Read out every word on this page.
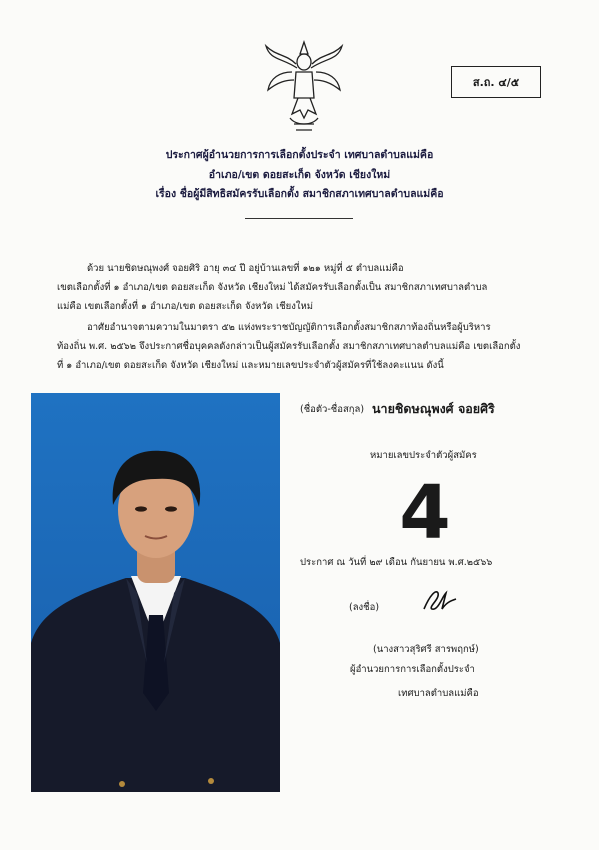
ส.ถ. ๔/๕
ประกาศผู้อำนวยการการเลือกตั้งประจำ เทศบาลตำบลแม่คือ
อำเภอ/เขต ดอยสะเก็ด จังหวัด เชียงใหม่
เรื่อง ชื่อผู้มีสิทธิสมัครรับเลือกตั้ง สมาชิกสภาเทศบาลตำบลแม่คือ
ด้วย นายชิดษณุพงศ์ จอยศิริ อายุ ๓๔ ปี อยู่บ้านเลขที่ ๑๒๑ หมู่ที่ ๕ ตำบลแม่คือ
เขตเลือกตั้งที่ ๑ อำเภอ/เขต ดอยสะเก็ด จังหวัด เชียงใหม่ ได้สมัครรับเลือกตั้งเป็น สมาชิกสภาเทศบาลตำบล
แม่คือ เขตเลือกตั้งที่ ๑ อำเภอ/เขต ดอยสะเก็ด จังหวัด เชียงใหม่
อาศัยอำนาจตามความในมาตรา ๕๒ แห่งพระราชบัญญัติการเลือกตั้งสมาชิกสภาท้องถิ่นหรือผู้บริหาร
ท้องถิ่น พ.ศ. ๒๕๖๒ จึงประกาศชื่อบุคคลดังกล่าวเป็นผู้สมัครรับเลือกตั้ง สมาชิกสภาเทศบาลตำบลแม่คือ เขตเลือกตั้ง
ที่ ๑ อำเภอ/เขต ดอยสะเก็ด จังหวัด เชียงใหม่ และหมายเลขประจำตัวผู้สมัครที่ใช้ลงคะแนน ดังนี้
(ชื่อตัว-ชื่อสกุล) นายชิดษณุพงศ์ จอยศิริ
หมายเลขประจำตัวผู้สมัคร
4
ประกาศ ณ วันที่ ๒๙ เดือน กันยายน พ.ศ.๒๕๖๖
(ลงชื่อ)
(นางสาวสุริศรี สารพฤกษ์)
ผู้อำนวยการการเลือกตั้งประจำ
เทศบาลตำบลแม่คือ
